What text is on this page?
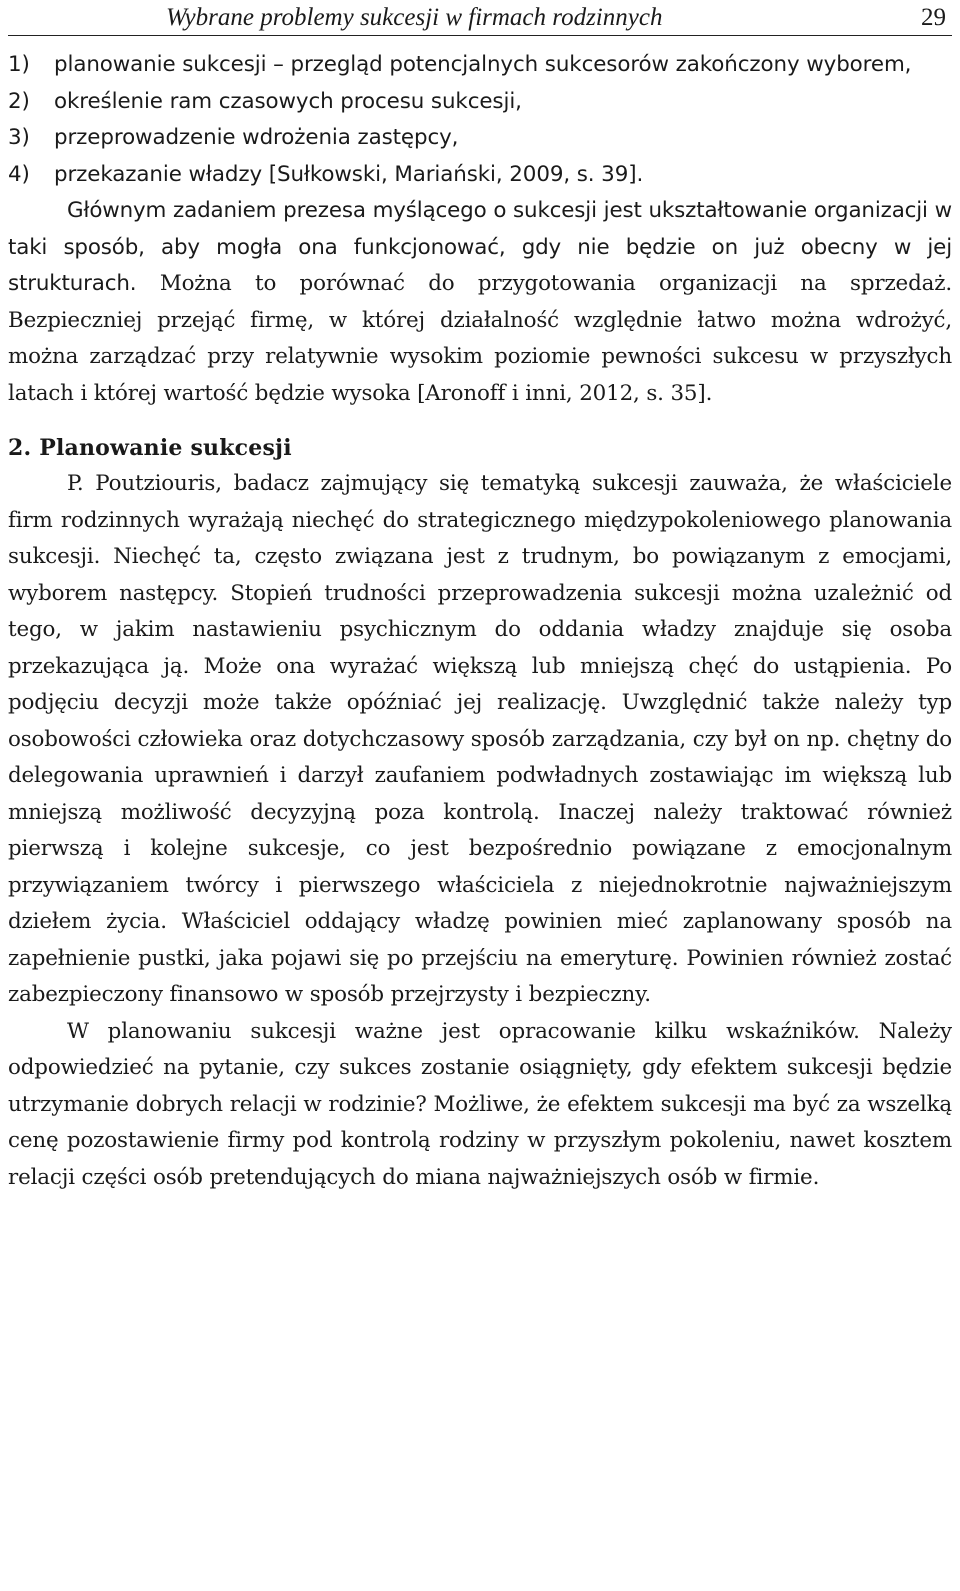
Wybrane problemy sukcesji w firmach rodzinnych	29
1)	planowanie sukcesji – przegląd potencjalnych sukcesorów zakończony wyborem,
2)	określenie ram czasowych procesu sukcesji,
3)	przeprowadzenie wdrożenia zastępcy,
4)	przekazanie władzy [Sułkowski, Mariański, 2009, s. 39].

Głównym zadaniem prezesa myślącego o sukcesji jest ukształtowanie organizacji w taki sposób, aby mogła ona funkcjonować, gdy nie będzie on już obecny w jej strukturach. Można to porównać do przygotowania organizacji na sprzedaż. Bezpieczniej przejąć firmę, w której działalność względnie łatwo można wdrożyć, można zarządzać przy relatywnie wysokim poziomie pewności sukcesu w przyszłych latach i której wartość będzie wysoka [Aronoff i inni, 2012, s. 35].

2. Planowanie sukcesji

P. Poutziouris, badacz zajmujący się tematyką sukcesji zauważa, że właściciele firm rodzinnych wyrażają niechęć do strategicznego międzypokoleniowego planowania sukcesji. Niechęć ta, często związana jest z trudnym, bo powiązanym z emocjami, wyborem następcy. Stopień trudności przeprowadzenia sukcesji można uzależnić od tego, w jakim nastawieniu psychicznym do oddania władzy znajduje się osoba przekazująca ją. Może ona wyrażać większą lub mniejszą chęć do ustąpienia. Po podjęciu decyzji może także opóźniać jej realizację. Uwzględnić także należy typ osobowości człowieka oraz dotychczasowy sposób zarządzania, czy był on np. chętny do delegowania uprawnień i darzył zaufaniem podwładnych zostawiając im większą lub mniejszą możliwość decyzyjną poza kontrolą. Inaczej należy traktować również pierwszą i kolejne sukcesje, co jest bezpośrednio powiązane z emocjonalnym przywiązaniem twórcy i pierwszego właściciela z niejednokrotnie najważniejszym dziełem życia. Właściciel oddający władzę powinien mieć zaplanowany sposób na zapełnienie pustki, jaka pojawi się po przejściu na emeryturę. Powinien również zostać zabezpieczony finansowo w sposób przejrzysty i bezpieczny.

W planowaniu sukcesji ważne jest opracowanie kilku wskaźników. Należy odpowiedzieć na pytanie, czy sukces zostanie osiągnięty, gdy efektem sukcesji będzie utrzymanie dobrych relacji w rodzinie? Możliwe, że efektem sukcesji ma być za wszelką cenę pozostawienie firmy pod kontrolą rodziny w przyszłym pokoleniu, nawet kosztem relacji części osób pretendujących do miana najważniejszych osób w firmie.
